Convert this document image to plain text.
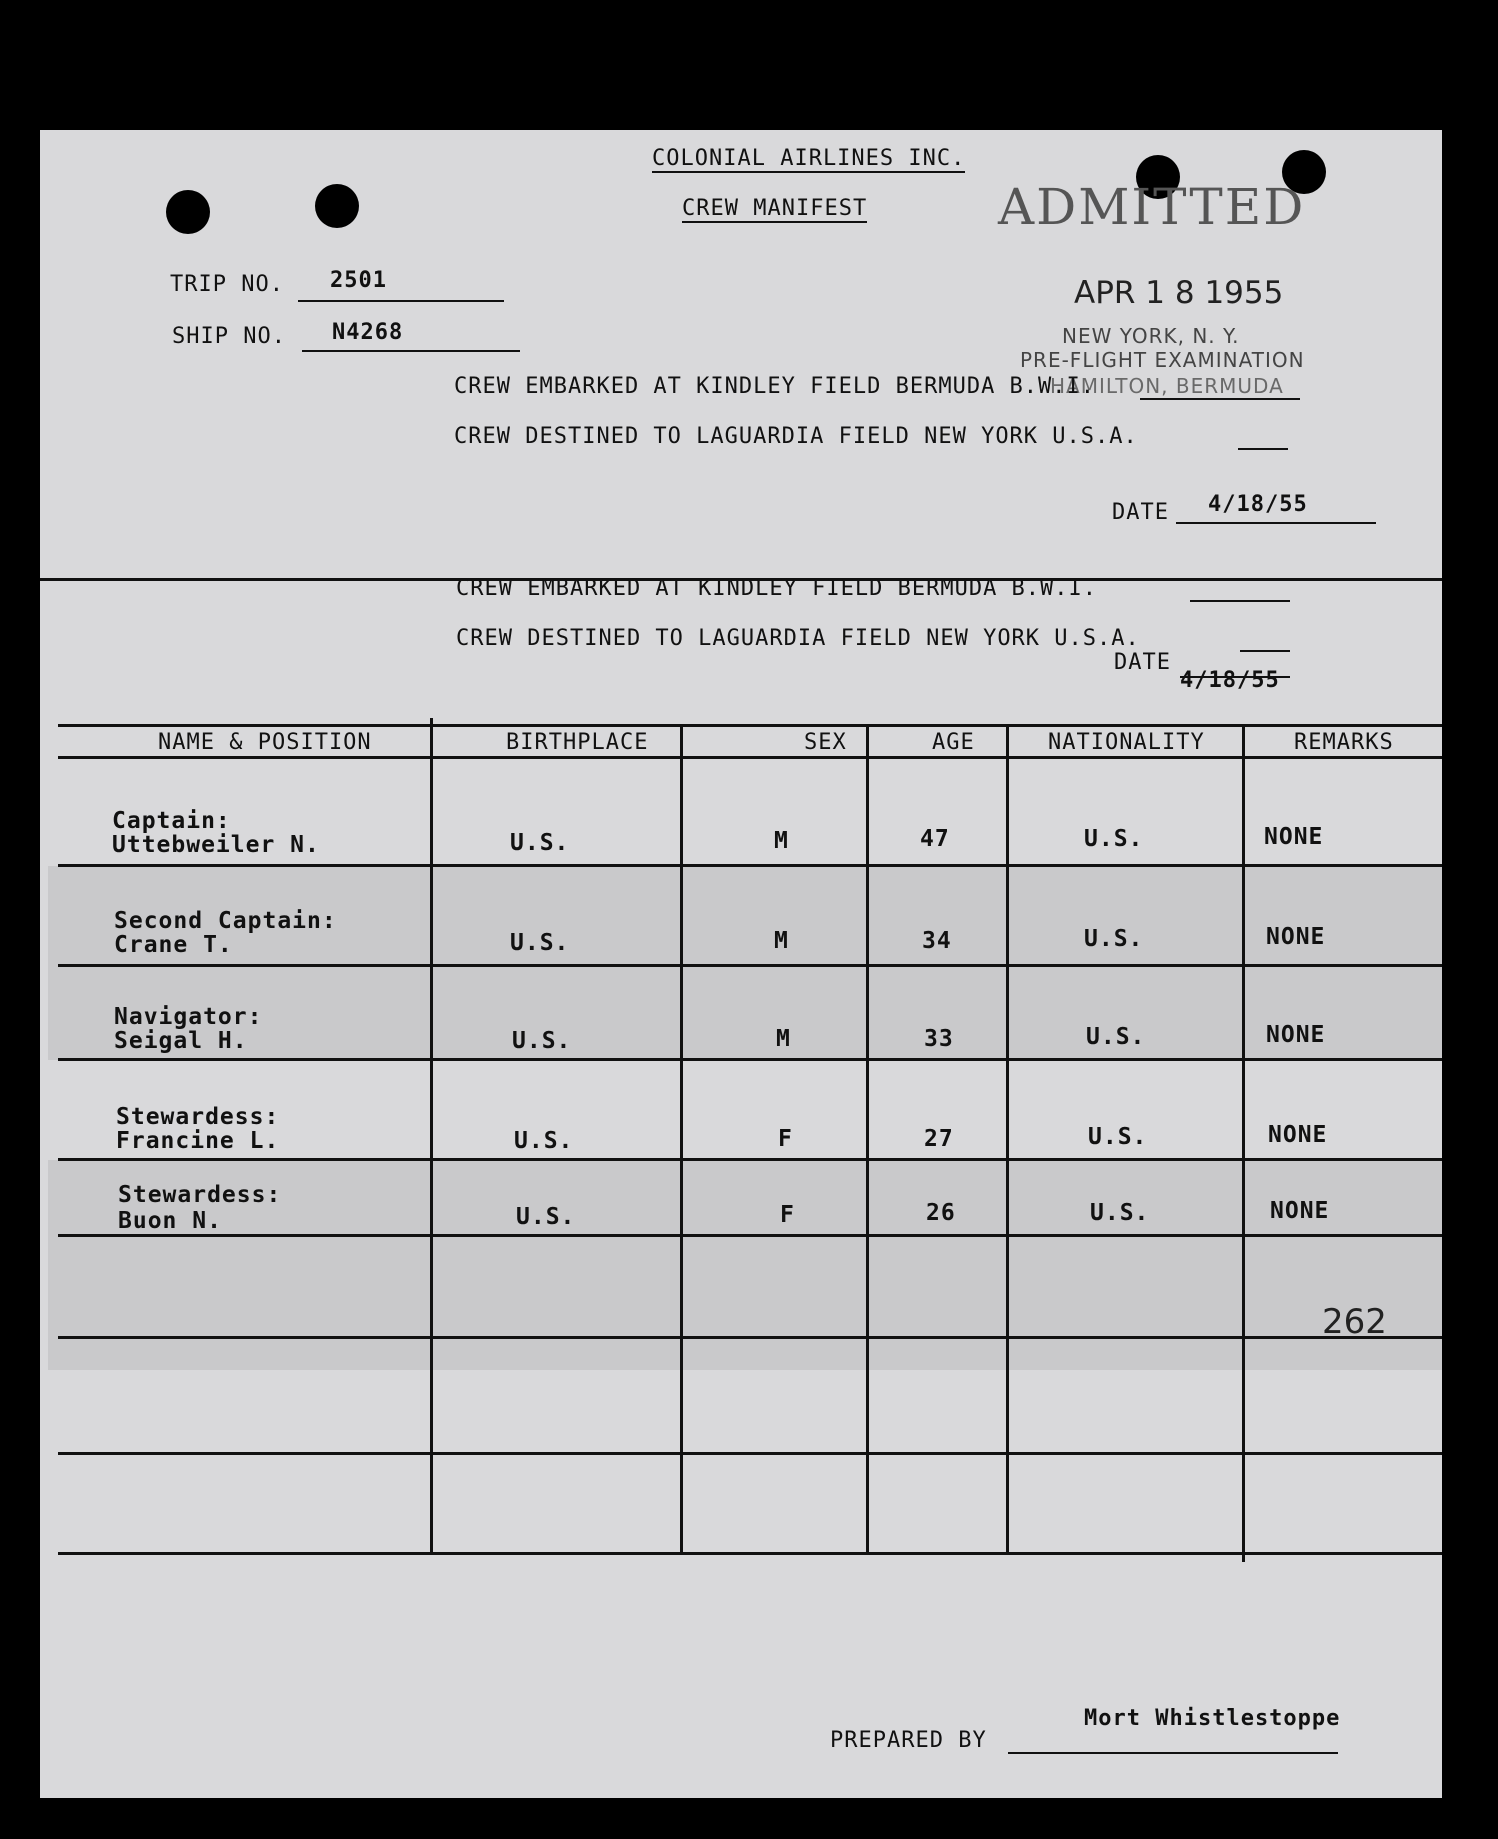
COLONIAL AIRLINES INC.
CREW MANIFEST	ADMITTED
APR 1 8 1955
NEW YORK, N. Y.
PRE-FLIGHT EXAMINATION
HAMILTON, BERMUDA
TRIP NO. 2501
SHIP NO. N4268
CREW EMBARKED AT KINDLEY FIELD BERMUDA B.W.I.
CREW DESTINED TO LAGUARDIA FIELD NEW YORK U.S.A.
DATE 4/18/55
CREW EMBARKED AT KINDLEY FIELD BERMUDA B.W.I.
CREW DESTINED TO LAGUARDIA FIELD NEW YORK U.S.A.
DATE
4/18/55
NAME & POSITION	BIRTHPLACE	SEX	AGE	NATIONALITY	REMARKS
Captain:
Uttebweiler N.	U.S.	M	47	U.S.	NONE
Second Captain:
Crane T.	U.S.	M	34	U.S.	NONE
Navigator:
Seigal H.	U.S.	M	33	U.S.	NONE
Stewardess:
Francine L.	U.S.	F	27	U.S.	NONE
Stewardess:
Buon N.	U.S.	F	26	U.S.	NONE
262
PREPARED BY
Mort Whistlestoppe
